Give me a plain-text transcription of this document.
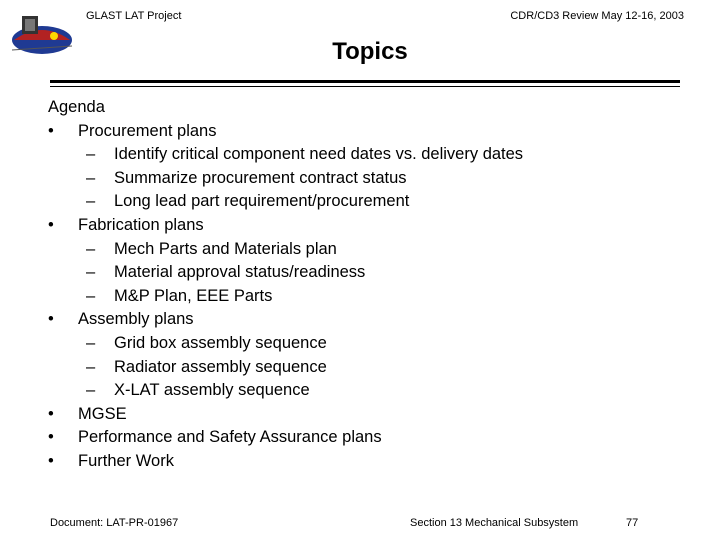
GLAST LAT Project	CDR/CD3 Review May 12-16, 2003
Topics
Agenda
• Procurement plans
– Identify critical component need dates vs. delivery dates
– Summarize procurement contract status
– Long lead part requirement/procurement
• Fabrication plans
– Mech Parts and Materials plan
– Material approval status/readiness
– M&P Plan, EEE Parts
• Assembly plans
– Grid box assembly sequence
– Radiator assembly sequence
– X-LAT assembly sequence
• MGSE
• Performance and Safety Assurance plans
• Further Work
Document: LAT-PR-01967	Section 13 Mechanical Subsystem	77
